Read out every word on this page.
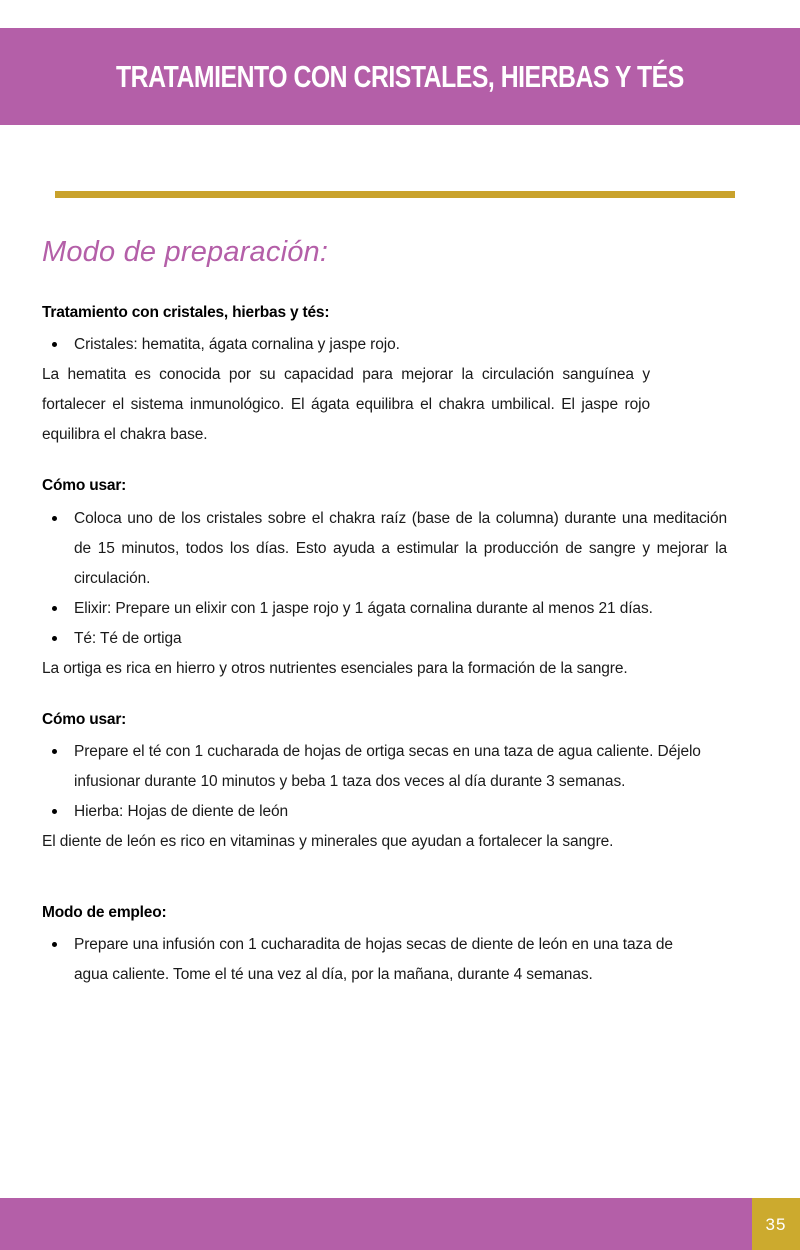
TRATAMIENTO CON CRISTALES, HIERBAS Y TÉS
Modo de preparación:
Tratamiento con cristales, hierbas y tés:
Cristales: hematita, ágata cornalina y jaspe rojo.

La hematita es conocida por su capacidad para mejorar la circulación sanguínea y fortalecer el sistema inmunológico. El ágata equilibra el chakra umbilical. El jaspe rojo equilibra el chakra base.

Cómo usar:
Coloca uno de los cristales sobre el chakra raíz (base de la columna) durante una meditación de 15 minutos, todos los días. Esto ayuda a estimular la producción de sangre y mejorar la circulación.
Elixir: Prepare un elixir con 1 jaspe rojo y 1 ágata cornalina durante al menos 21 días.
Té: Té de ortiga

La ortiga es rica en hierro y otros nutrientes esenciales para la formación de la sangre.

Cómo usar:
Prepare el té con 1 cucharada de hojas de ortiga secas en una taza de agua caliente. Déjelo infusionar durante 10 minutos y beba 1 taza dos veces al día durante 3 semanas.
Hierba: Hojas de diente de león

El diente de león es rico en vitaminas y minerales que ayudan a fortalecer la sangre.

Modo de empleo:
Prepare una infusión con 1 cucharadita de hojas secas de diente de león en una taza de agua caliente. Tome el té una vez al día, por la mañana, durante 4 semanas.
35
